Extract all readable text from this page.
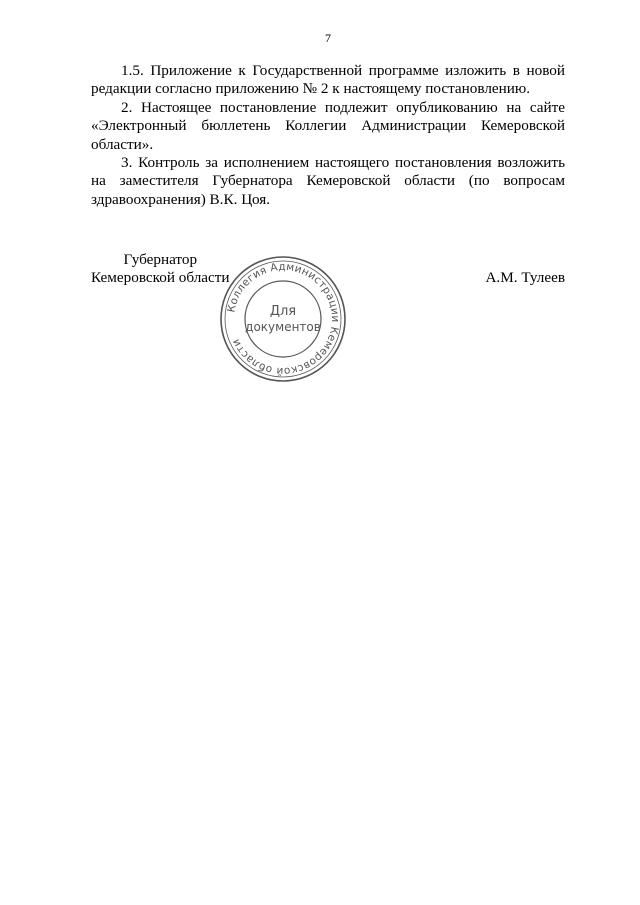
7

1.5. Приложение к Государственной программе изложить в новой редакции согласно приложению № 2 к настоящему постановлению.

2. Настоящее постановление подлежит опубликованию на сайте «Электронный бюллетень Коллегии Администрации Кемеровской области».

3. Контроль за исполнением настоящего постановления возложить на заместителя Губернатора Кемеровской области (по вопросам здравоохранения) В.К. Цоя.

Губернатор
Кемеровской области
Коллегия Администрации Кемеровской области
Для
документов
А.М. Тулеев
